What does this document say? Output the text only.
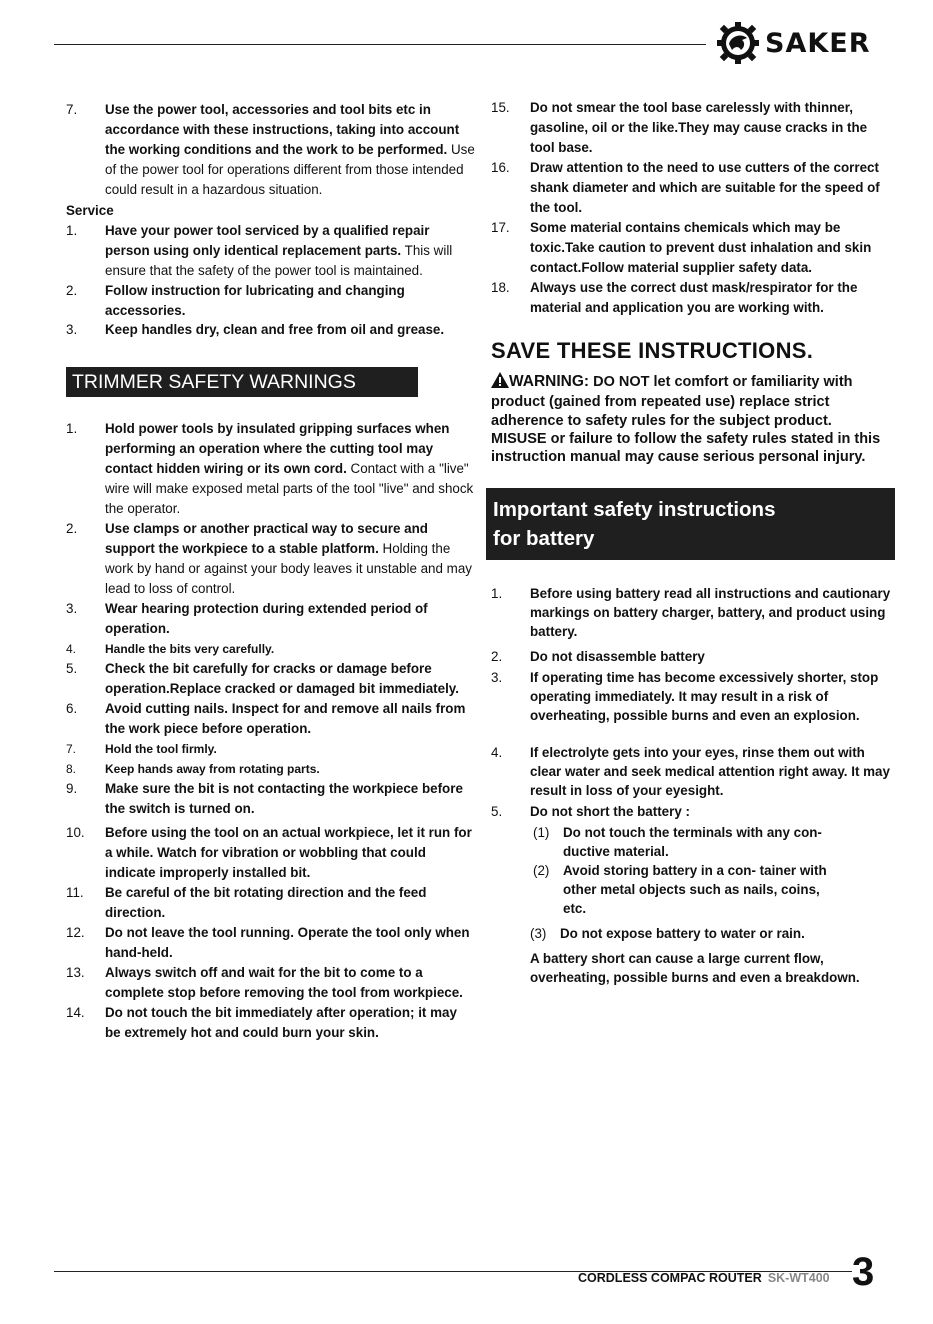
SAKER
7.	Use the power tool, accessories and tool bits etc in accordance with these instructions, taking into account the working conditions and the work to be performed. Use of the power tool for operations different from those intended could result in a hazardous situation.
Service
1.	Have your power tool serviced by a qualified repair person using only identical replacement parts. This will ensure that the safety of the power tool is maintained.
2.	Follow instruction for lubricating and changing accessories.
3.	Keep handles dry, clean and free from oil and grease.
TRIMMER SAFETY WARNINGS
1.	Hold power tools by insulated gripping surfaces when performing an operation where the cutting tool may contact hidden wiring or its own cord. Contact with a "live" wire will make exposed metal parts of the tool "live" and shock the operator.
2.	Use clamps or another practical way to secure and support the workpiece to a stable platform. Holding the work by hand or against your body leaves it unstable and may lead to loss of control.
3.	Wear hearing protection during extended period of operation.
4.	Handle the bits very carefully.
5.	Check the bit carefully for cracks or damage before operation.Replace cracked or damaged bit immediately.
6.	Avoid cutting nails. Inspect for and remove all nails from the work piece before operation.
7.	Hold the tool firmly.
8.	Keep hands away from rotating parts.
9.	Make sure the bit is not contacting the workpiece before the switch is turned on.
10.	Before using the tool on an actual workpiece, let it run for a while. Watch for vibration or wobbling that could indicate improperly installed bit.
11.	Be careful of the bit rotating direction and the feed direction.
12.	Do not leave the tool running. Operate the tool only when hand-held.
13.	Always switch off and wait for the bit to come to a complete stop before removing the tool from workpiece.
14.	Do not touch the bit immediately after operation; it may be extremely hot and could burn your skin.
15.	Do not smear the tool base carelessly with thinner, gasoline, oil or the like.They may cause cracks in the tool base.
16.	Draw attention to the need to use cutters of the correct shank diameter and which are suitable for the speed of the tool.
17.	Some material contains chemicals which may be toxic.Take caution to prevent dust inhalation and skin contact.Follow material supplier safety data.
18.	Always use the correct dust mask/respirator for the material and application you are working with.
SAVE THESE INSTRUCTIONS.
WARNING: DO NOT let comfort or familiarity with product (gained from repeated use) replace strict adherence to safety rules for the subject product. MISUSE or failure to follow the safety rules stated in this instruction manual may cause serious personal injury.
Important safety instructions
for battery
1.	Before using battery read all instructions and cautionary markings on battery charger, battery, and product using battery.
2.	Do not disassemble battery
3.	If operating time has become excessively shorter, stop operating immediately. It may result in a risk of overheating, possible burns and even an explosion.
4.	If electrolyte gets into your eyes, rinse them out with clear water and seek medical attention right away. It may result in loss of your eyesight.
5.	Do not short the battery :
(1)	Do not touch the terminals with any con- ductive material.
(2)	Avoid storing battery in a con- tainer with other metal objects such as nails, coins, etc.
(3)	Do not expose battery to water or rain.
A battery short can cause a large current flow, overheating, possible burns and even a breakdown.
CORDLESS COMPAC ROUTER SK-WT400 3
